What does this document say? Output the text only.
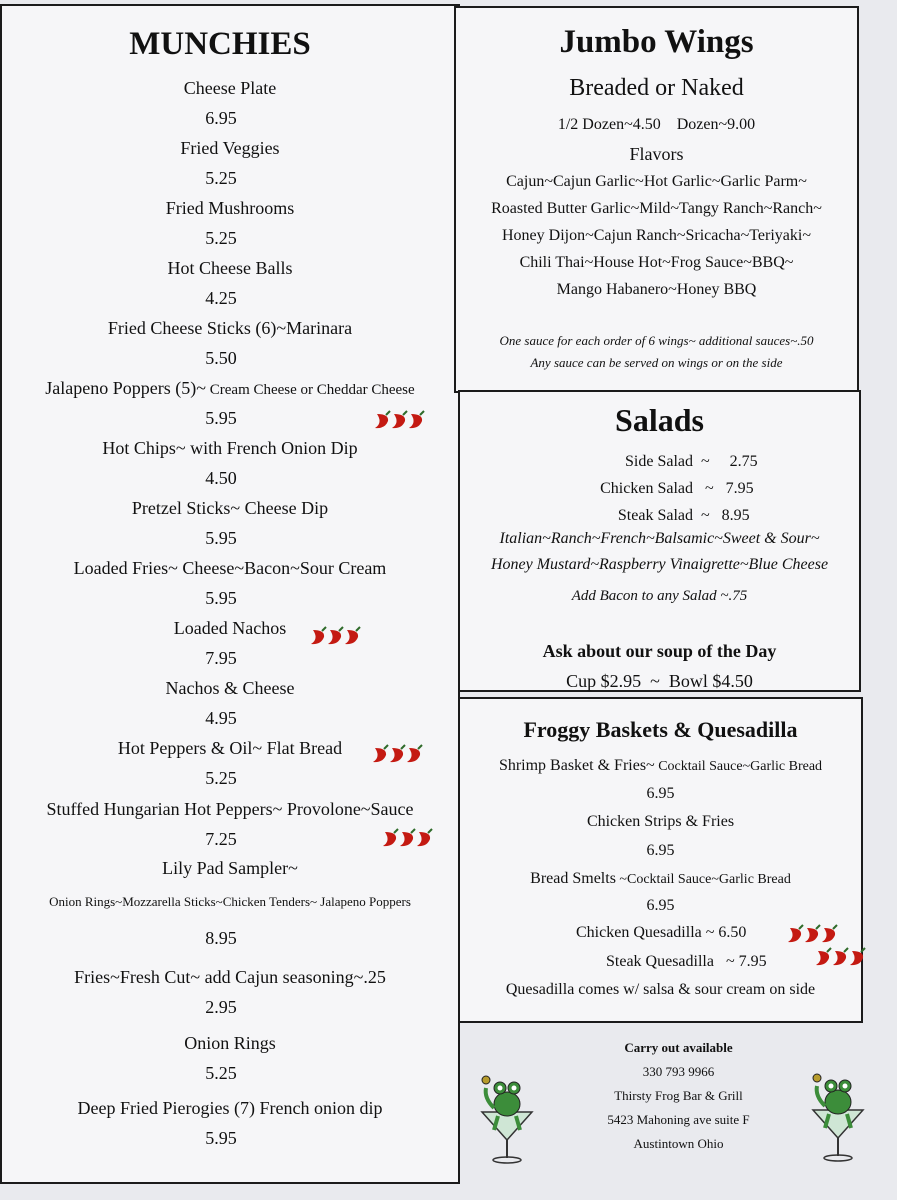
MUNCHIES
Cheese Plate
6.95
Fried Veggies
5.25
Fried Mushrooms
5.25
Hot Cheese Balls
4.25
Fried Cheese Sticks (6)~Marinara
5.50
Jalapeno Poppers (5)~ Cream Cheese or Cheddar Cheese
5.95
Hot Chips~ with French Onion Dip
4.50
Pretzel Sticks~ Cheese Dip
5.95
Loaded Fries~ Cheese~Bacon~Sour Cream
5.95
Loaded Nachos
7.95
Nachos & Cheese
4.95
Hot Peppers & Oil~ Flat Bread
5.25
Stuffed Hungarian Hot Peppers~ Provolone~Sauce
7.25
Lily Pad Sampler~
Onion Rings~Mozzarella Sticks~Chicken Tenders~ Jalapeno Poppers
8.95
Fries~Fresh Cut~ add Cajun seasoning~.25
2.95
Onion Rings
5.25
Deep Fried Pierogies (7) French onion dip
5.95
Jumbo Wings
Breaded or Naked
1/2 Dozen~4.50    Dozen~9.00
Flavors
Cajun~Cajun Garlic~Hot Garlic~Garlic Parm~
Roasted Butter Garlic~Mild~Tangy Ranch~Ranch~
Honey Dijon~Cajun Ranch~Sricacha~Teriyaki~
Chili Thai~House Hot~Frog Sauce~BBQ~
Mango Habanero~Honey BBQ
One sauce for each order of 6 wings~ additional sauces~.50
Any sauce can be served on wings or on the side
Salads
Side Salad  ~     2.75
Chicken Salad   ~   7.95
Steak Salad  ~   8.95
Italian~Ranch~French~Balsamic~Sweet & Sour~
Honey Mustard~Raspberry Vinaigrette~Blue Cheese
Add Bacon to any Salad ~.75
Ask about our soup of the Day
Cup $2.95  ~  Bowl $4.50
Froggy Baskets & Quesadilla
Shrimp Basket & Fries~ Cocktail Sauce~Garlic Bread
6.95
Chicken Strips & Fries
6.95
Bread Smelts ~Cocktail Sauce~Garlic Bread
6.95
Chicken Quesadilla ~ 6.50
Steak Quesadilla   ~ 7.95
Quesadilla comes w/ salsa & sour cream on side
Carry out available
330 793 9966
Thirsty Frog Bar & Grill
5423 Mahoning ave suite F
Austintown Ohio
